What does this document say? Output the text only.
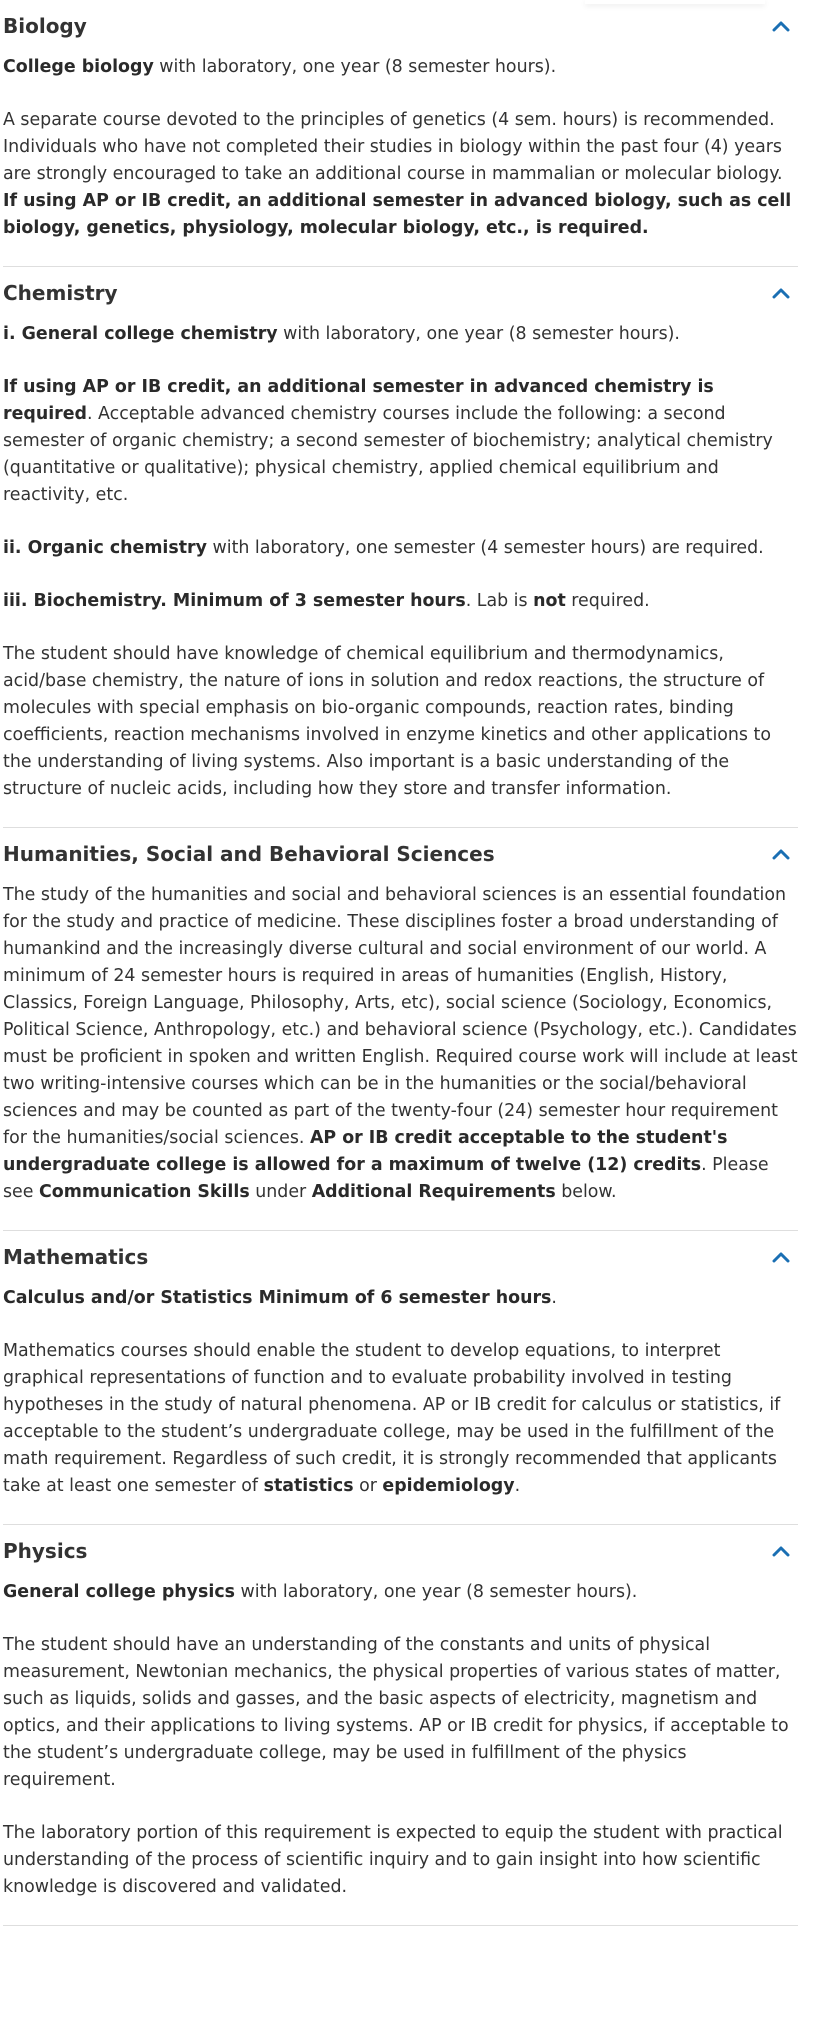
Biology

College biology with laboratory, one year (8 semester hours).

A separate course devoted to the principles of genetics (4 sem. hours) is recommended. Individuals who have not completed their studies in biology within the past four (4) years are strongly encouraged to take an additional course in mammalian or molecular biology. If using AP or IB credit, an additional semester in advanced biology, such as cell biology, genetics, physiology, molecular biology, etc., is required.

Chemistry

i. General college chemistry with laboratory, one year (8 semester hours).

If using AP or IB credit, an additional semester in advanced chemistry is required. Acceptable advanced chemistry courses include the following: a second semester of organic chemistry; a second semester of biochemistry; analytical chemistry (quantitative or qualitative); physical chemistry, applied chemical equilibrium and reactivity, etc.

ii. Organic chemistry with laboratory, one semester (4 semester hours) are required.

iii. Biochemistry. Minimum of 3 semester hours. Lab is not required.

The student should have knowledge of chemical equilibrium and thermodynamics, acid/base chemistry, the nature of ions in solution and redox reactions, the structure of molecules with special emphasis on bio-organic compounds, reaction rates, binding coefficients, reaction mechanisms involved in enzyme kinetics and other applications to the understanding of living systems. Also important is a basic understanding of the structure of nucleic acids, including how they store and transfer information.

Humanities, Social and Behavioral Sciences

The study of the humanities and social and behavioral sciences is an essential foundation for the study and practice of medicine. These disciplines foster a broad understanding of humankind and the increasingly diverse cultural and social environment of our world. A minimum of 24 semester hours is required in areas of humanities (English, History, Classics, Foreign Language, Philosophy, Arts, etc), social science (Sociology, Economics, Political Science, Anthropology, etc.) and behavioral science (Psychology, etc.). Candidates must be proficient in spoken and written English. Required course work will include at least two writing-intensive courses which can be in the humanities or the social/behavioral sciences and may be counted as part of the twenty-four (24) semester hour requirement for the humanities/social sciences. AP or IB credit acceptable to the student's undergraduate college is allowed for a maximum of twelve (12) credits. Please see Communication Skills under Additional Requirements below.

Mathematics

Calculus and/or Statistics Minimum of 6 semester hours.

Mathematics courses should enable the student to develop equations, to interpret graphical representations of function and to evaluate probability involved in testing hypotheses in the study of natural phenomena. AP or IB credit for calculus or statistics, if acceptable to the student’s undergraduate college, may be used in the fulfillment of the math requirement. Regardless of such credit, it is strongly recommended that applicants take at least one semester of statistics or epidemiology.

Physics

General college physics with laboratory, one year (8 semester hours).

The student should have an understanding of the constants and units of physical measurement, Newtonian mechanics, the physical properties of various states of matter, such as liquids, solids and gasses, and the basic aspects of electricity, magnetism and optics, and their applications to living systems. AP or IB credit for physics, if acceptable to the student’s undergraduate college, may be used in fulfillment of the physics requirement.

The laboratory portion of this requirement is expected to equip the student with practical understanding of the process of scientific inquiry and to gain insight into how scientific knowledge is discovered and validated.
